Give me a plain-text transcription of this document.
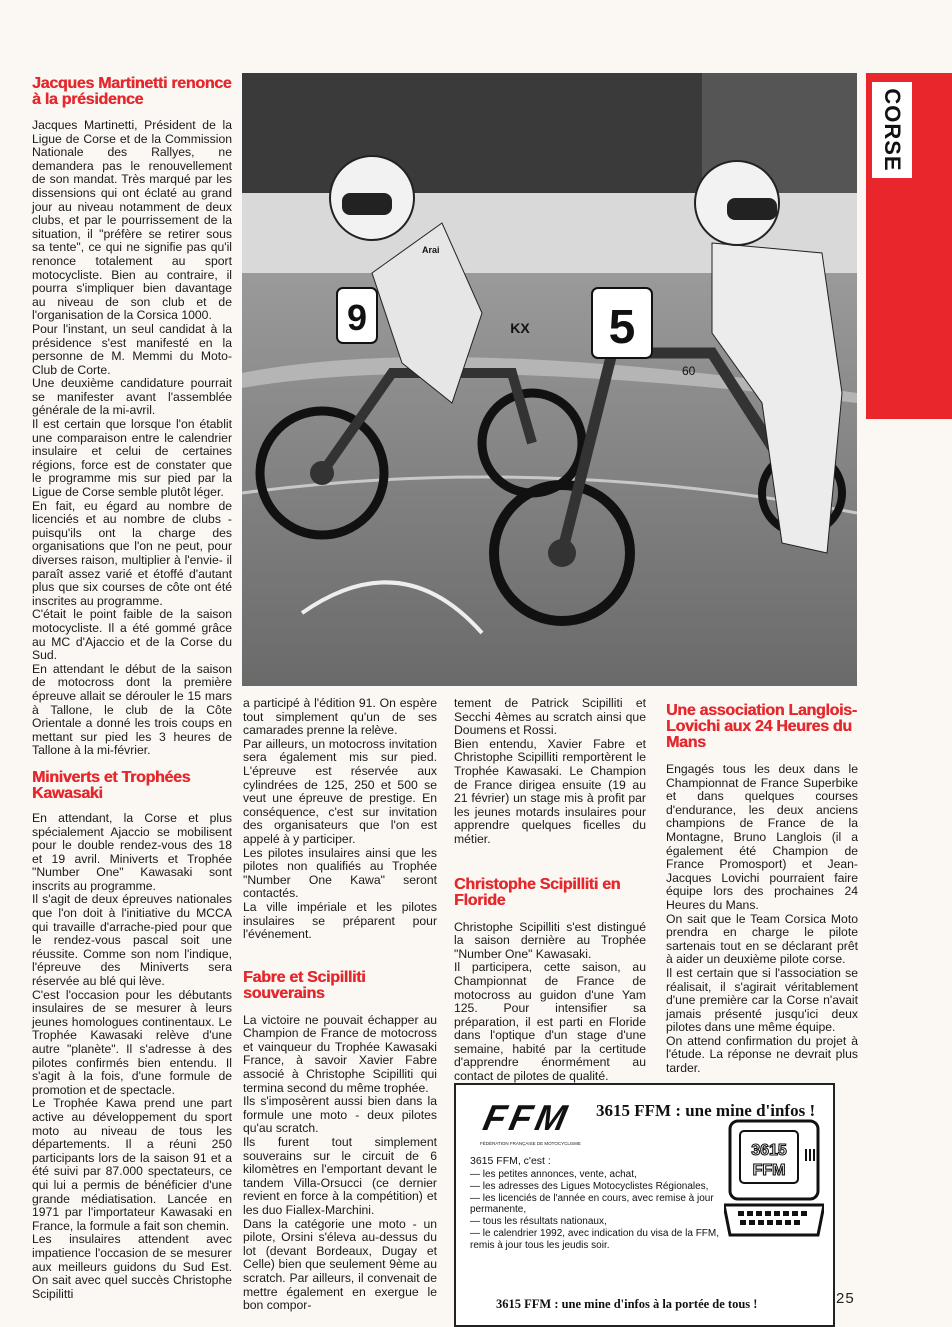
CORSE
9	KX
Arai
5
60
Jacques Martinetti renonce à la présidence

Jacques Martinetti, Président de la Ligue de Corse et de la Commission Nationale des Rallyes, ne demandera pas le renouvellement de son mandat. Très marqué par les dissensions qui ont éclaté au grand jour au niveau notamment de deux clubs, et par le pourrissement de la situation, il "préfère se retirer sous sa tente", ce qui ne signifie pas qu'il renonce totalement au sport motocycliste. Bien au contraire, il pourra s'impliquer bien davantage au niveau de son club et de l'organisation de la Corsica 1000.

Pour l'instant, un seul candidat à la présidence s'est manifesté en la personne de M. Memmi du Moto-Club de Corte.

Une deuxième candidature pourrait se manifester avant l'assemblée générale de la mi-avril.

Il est certain que lorsque l'on établit une comparaison entre le calendrier insulaire et celui de certaines régions, force est de constater que le programme mis sur pied par la Ligue de Corse semble plutôt léger.

En fait, eu égard au nombre de licenciés et au nombre de clubs -puisqu'ils ont la charge des organisations que l'on ne peut, pour diverses raison, multiplier à l'envie- il paraît assez varié et étoffé d'autant plus que six courses de côte ont été inscrites au programme.

C'était le point faible de la saison motocycliste. Il a été gommé grâce au MC d'Ajaccio et de la Corse du Sud.

En attendant le début de la saison de motocross dont la première épreuve allait se dérouler le 15 mars à Tallone, le club de la Côte Orientale a donné les trois coups en mettant sur pied les 3 heures de Tallone à la mi-février.

Miniverts et Trophées Kawasaki

En attendant, la Corse et plus spécialement Ajaccio se mobilisent pour le double rendez-vous des 18 et 19 avril. Miniverts et Trophée "Number One" Kawasaki sont inscrits au programme.

Il s'agit de deux épreuves nationales que l'on doit à l'initiative du MCCA qui travaille d'arrache-pied pour que le rendez-vous pascal soit une réussite. Comme son nom l'indique, l'épreuve des Miniverts sera réservée au blé qui lève.

C'est l'occasion pour les débutants insulaires de se mesurer à leurs jeunes homologues continentaux. Le Trophée Kawasaki relève d'une autre "planète". Il s'adresse à des pilotes confirmés bien entendu. Il s'agit à la fois, d'une formule de promotion et de spectacle.

Le Trophée Kawa prend une part active au développement du sport moto au niveau de tous les départements. Il a réuni 250 participants lors de la saison 91 et a été suivi par 87.000 spectateurs, ce qui lui a permis de bénéficier d'une grande médiatisation. Lancée en 1971 par l'importateur Kawasaki en France, la formule a fait son chemin.

Les insulaires attendent avec impatience l'occasion de se mesurer aux meilleurs guidons du Sud Est. On sait avec quel succès Christophe Scipilitti

a participé à l'édition 91. On espère tout simplement qu'un de ses camarades prenne la relève.

Par ailleurs, un motocross invitation sera également mis sur pied. L'épreuve est réservée aux cylindrées de 125, 250 et 500 se veut une épreuve de prestige. En conséquence, c'est sur invitation des organisateurs que l'on est appelé à y participer.

Les pilotes insulaires ainsi que les pilotes non qualifiés au Trophée "Number One Kawa" seront contactés.

La ville impériale et les pilotes insulaires se préparent pour l'événement.

Fabre et Scipilliti souverains

La victoire ne pouvait échapper au Champion de France de motocross et vainqueur du Trophée Kawasaki France, à savoir Xavier Fabre associé à Christophe Scipilliti qui termina second du même trophée.

Ils s'imposèrent aussi bien dans la formule une moto - deux pilotes qu'au scratch.

Ils furent tout simplement souverains sur le circuit de 6 kilomètres en l'emportant devant le tandem Villa-Orsucci (ce dernier revient en force à la compétition) et les duo Fiallex-Marchini.

Dans la catégorie une moto - un pilote, Orsini s'éleva au-dessus du lot (devant Bordeaux, Dugay et Celle) bien que seulement 9ème au scratch. Par ailleurs, il convenait de mettre également en exergue le bon compor-

tement de Patrick Scipilliti et Secchi 4èmes au scratch ainsi que Doumens et Rossi.

Bien entendu, Xavier Fabre et Christophe Scipilliti remportèrent le Trophée Kawasaki. Le Champion de France dirigea ensuite (19 au 21 février) un stage mis à profit par les jeunes motards insulaires pour apprendre quelques ficelles du métier.

Christophe Scipilliti en Floride

Christophe Scipilliti s'est distingué la saison dernière au Trophée "Number One" Kawasaki.

Il participera, cette saison, au Championnat de France de motocross au guidon d'une Yam 125. Pour intensifier sa préparation, il est parti en Floride dans l'optique d'un stage d'une semaine, habité par la certitude d'apprendre énormément au contact de pilotes de qualité.

Une association Langlois-Lovichi aux 24 Heures du Mans

Engagés tous les deux dans le Championnat de France Superbike et dans quelques courses d'endurance, les deux anciens champions de France de la Montagne, Bruno Langlois (il a également été Champion de France Promosport) et Jean-Jacques Lovichi pourraient faire équipe lors des prochaines 24 Heures du Mans.

On sait que le Team Corsica Moto prendra en charge le pilote sartenais tout en se déclarant prêt à aider un deuxième pilote corse.

Il est certain que si l'association se réalisait, il s'agirait véritablement d'une première car la Corse n'avait jamais présenté jusqu'ici deux pilotes dans une même équipe.

On attend confirmation du projet à l'étude. La réponse ne devrait plus tarder.

FFM
FÉDÉRATION FRANÇAISE DE MOTOCYCLISME
3615 FFM : une mine d'infos !
3615 FFM, c'est :
— les petites annonces, vente, achat,
— les adresses des Ligues Motocyclistes Régionales,
— les licenciés de l'année en cours, avec remise à jour permanente,
— tous les résultats nationaux,
— le calendrier 1992, avec indication du visa de la FFM, remis à jour tous les jeudis soir.
3615
FFM
3615 FFM : une mine d'infos à la portée de tous !	25
